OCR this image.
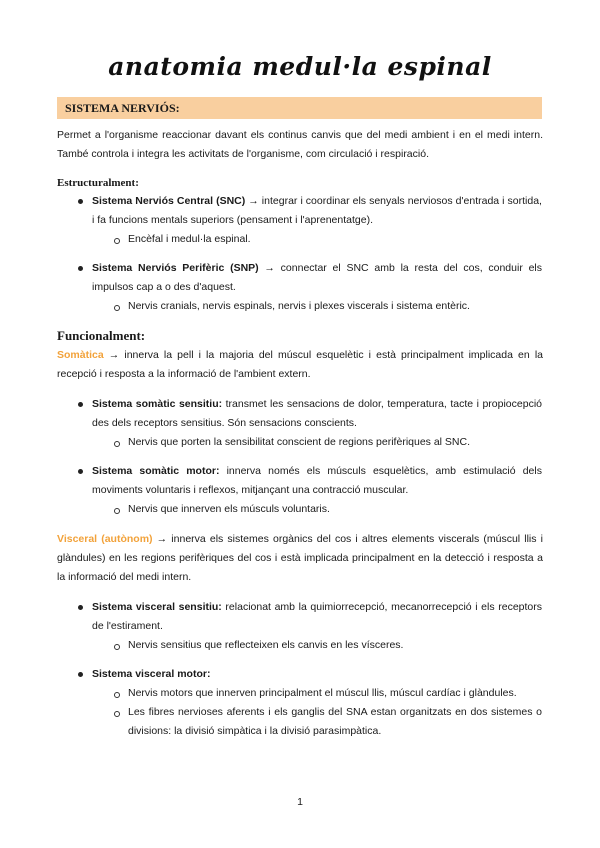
anatomia medul·la espinal
SISTEMA NERVIÓS:

Permet a l'organisme reaccionar davant els continus canvis que del medi ambient i en el medi intern. També controla i integra les activitats de l'organisme, com circulació i respiració.

Estructuralment:

Sistema Nerviós Central (SNC) → integrar i coordinar els senyals nerviosos d'entrada i sortida, i fa funcions mentals superiors (pensament i l'aprenentatge).

Encèfal i medul·la espinal.

Sistema Nerviós Perifèric (SNP) → connectar el SNC amb la resta del cos, conduir els impulsos cap a o des d'aquest.

Nervis cranials, nervis espinals, nervis i plexes viscerals i sistema entèric.

Funcionalment:

Somàtica → innerva la pell i la majoria del múscul esquelètic i està principalment implicada en la recepció i resposta a la informació de l'ambient extern.

Sistema somàtic sensitiu: transmet les sensacions de dolor, temperatura, tacte i propiocepció des dels receptors sensitius. Són sensacions conscients.

Nervis que porten la sensibilitat conscient de regions perifèriques al SNC.

Sistema somàtic motor: innerva només els músculs esquelètics, amb estimulació dels moviments voluntaris i reflexos, mitjançant una contracció muscular.

Nervis que innerven els músculs voluntaris.

Visceral (autònom) → innerva els sistemes orgànics del cos i altres elements viscerals (múscul llis i glàndules) en les regions perifèriques del cos i està implicada principalment en la detecció i resposta a la informació del medi intern.

Sistema visceral sensitiu: relacionat amb la quimiorrecepció, mecanorrecepció i els receptors de l'estirament.

Nervis sensitius que reflecteixen els canvis en les vísceres.

Sistema visceral motor:

Nervis motors que innerven principalment el múscul llis, múscul cardíac i glàndules.

Les fibres nervioses aferents i els ganglis del SNA estan organitzats en dos sistemes o divisions: la divisió simpàtica i la divisió parasimpàtica.

1
